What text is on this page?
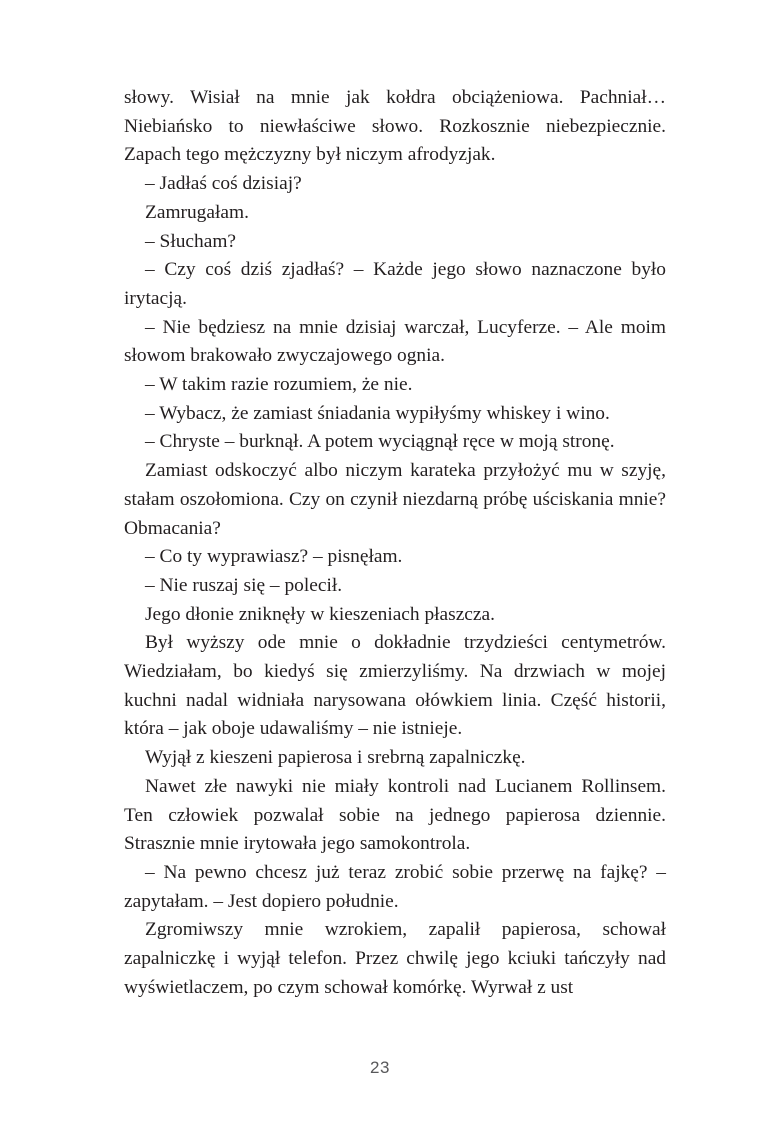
słowy. Wisiał na mnie jak kołdra obciążeniowa. Pachniał… Niebiańsko to niewłaściwe słowo. Rozkosznie niebezpiecznie. Zapach tego mężczyzny był niczym afrodyzjak.

– Jadłaś coś dzisiaj?

Zamrugałam.

– Słucham?

– Czy coś dziś zjadłaś? – Każde jego słowo naznaczone było irytacją.

– Nie będziesz na mnie dzisiaj warczał, Lucyferze. – Ale moim słowom brakowało zwyczajowego ognia.

– W takim razie rozumiem, że nie.

– Wybacz, że zamiast śniadania wypiłyśmy whiskey i wino.

– Chryste – burknął. A potem wyciągnął ręce w moją stronę.

Zamiast odskoczyć albo niczym karateka przyłożyć mu w szyję, stałam oszołomiona. Czy on czynił niezdarną próbę uściskania mnie? Obmacania?

– Co ty wyprawiasz? – pisnęłam.

– Nie ruszaj się – polecił.

Jego dłonie zniknęły w kieszeniach płaszcza.

Był wyższy ode mnie o dokładnie trzydzieści centymetrów. Wiedziałam, bo kiedyś się zmierzyliśmy. Na drzwiach w mojej kuchni nadal widniała narysowana ołówkiem linia. Część historii, która – jak oboje udawaliśmy – nie istnieje.

Wyjął z kieszeni papierosa i srebrną zapalniczkę.

Nawet złe nawyki nie miały kontroli nad Lucianem Rollinsem. Ten człowiek pozwalał sobie na jednego papierosa dziennie. Strasznie mnie irytowała jego samokontrola.

– Na pewno chcesz już teraz zrobić sobie przerwę na fajkę? – zapytałam. – Jest dopiero południe.

Zgromiwszy mnie wzrokiem, zapalił papierosa, schował zapalniczkę i wyjął telefon. Przez chwilę jego kciuki tańczyły nad wyświetlaczem, po czym schował komórkę. Wyrwał z ust

23
